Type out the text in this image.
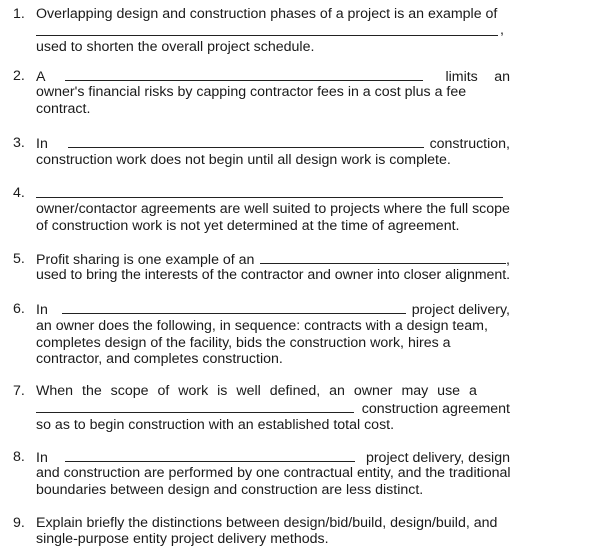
1. Overlapping design and construction phases of a project is an example of
,
used to shorten the overall project schedule.
2. A	limits an
owner's financial risks by capping contractor fees in a cost plus a fee
contract.
3. In	construction,
construction work does not begin until all design work is complete.
4.
owner/contactor agreements are well suited to projects where the full scope
of construction work is not yet determined at the time of agreement.
5. Profit sharing is one example of an	,
used to bring the interests of the contractor and owner into closer alignment.
6. In	project delivery,
an owner does the following, in sequence: contracts with a design team,
completes design of the facility, bids the construction work, hires a
contractor, and completes construction.
7. When the scope of work is well defined, an owner may use a
construction agreement
so as to begin construction with an established total cost.
8. In	project delivery, design
and construction are performed by one contractual entity, and the traditional
boundaries between design and construction are less distinct.
9. Explain briefly the distinctions between design/bid/build, design/build, and
single-purpose entity project delivery methods.
